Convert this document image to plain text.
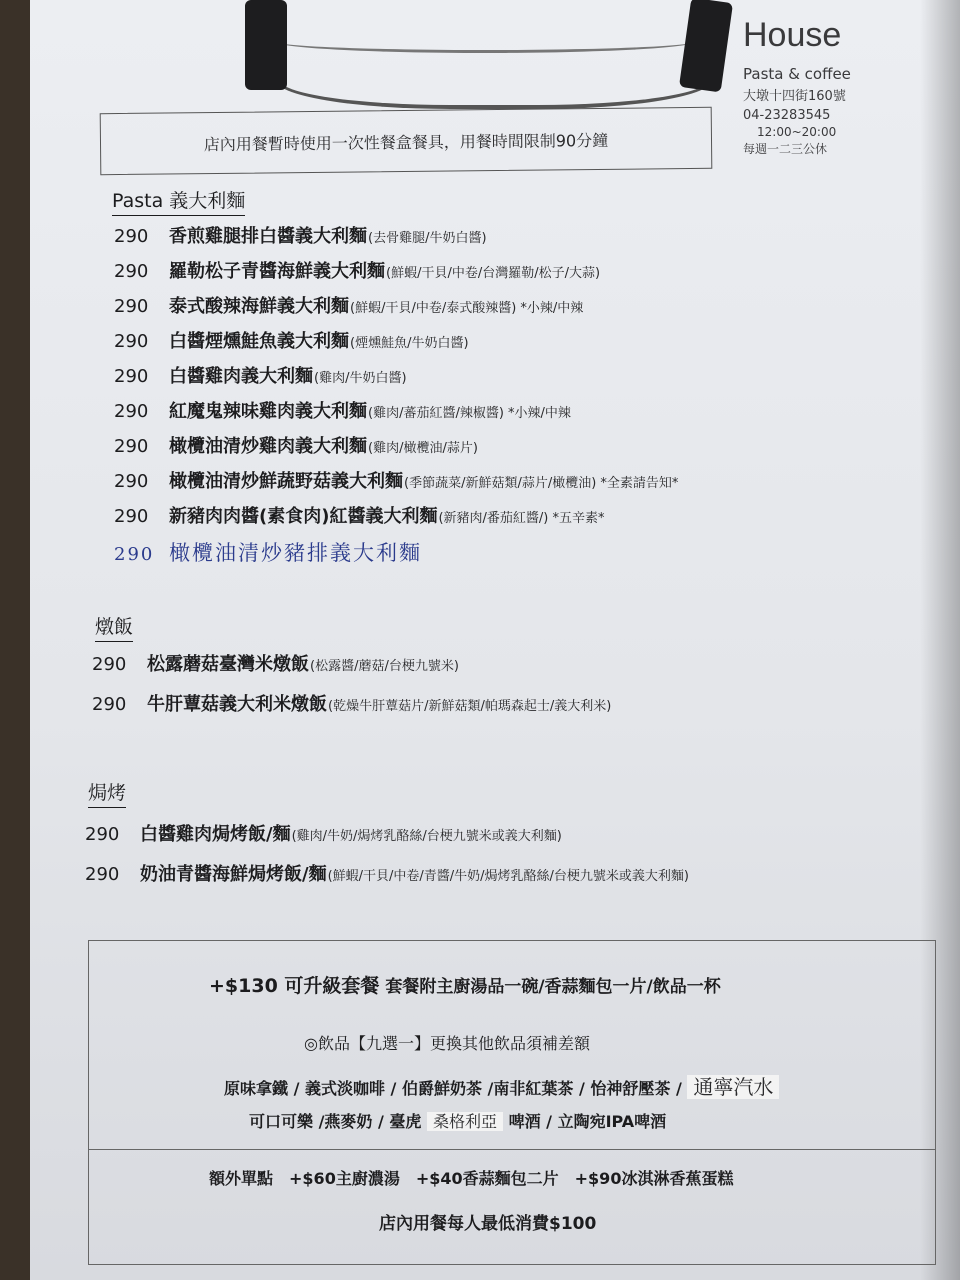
House
Pasta & coffee
大墩十四街160號
04-23283545
12:00~20:00
每週一二三公休
店內用餐暫時使用一次性餐盒餐具，用餐時間限制90分鐘
Pasta 義大利麵
290	香煎雞腿排白醬義大利麵 (去骨雞腿/牛奶白醬)
290	羅勒松子青醬海鮮義大利麵 (鮮蝦/干貝/中卷/台灣羅勒/松子/大蒜)
290	泰式酸辣海鮮義大利麵 (鮮蝦/干貝/中卷/泰式酸辣醬) *小辣/中辣
290	白醬煙燻鮭魚義大利麵 (煙燻鮭魚/牛奶白醬)
290	白醬雞肉義大利麵 (雞肉/牛奶白醬)
290	紅魔鬼辣味雞肉義大利麵 (雞肉/蕃茄紅醬/辣椒醬) *小辣/中辣
290	橄欖油清炒雞肉義大利麵 (雞肉/橄欖油/蒜片)
290	橄欖油清炒鮮蔬野菇義大利麵 (季節蔬菜/新鮮菇類/蒜片/橄欖油) *全素請告知*
290	新豬肉肉醬(素食肉)紅醬義大利麵 (新豬肉/番茄紅醬/) *五辛素*
290 橄欖油清炒豬排義大利麵
燉飯
290	松露蘑菇臺灣米燉飯 (松露醬/蘑菇/台梗九號米)
290	牛肝蕈菇義大利米燉飯 (乾燥牛肝蕈菇片/新鮮菇類/帕瑪森起士/義大利米)
焗烤
290	白醬雞肉焗烤飯/麵 (雞肉/牛奶/焗烤乳酪絲/台梗九號米或義大利麵)
290	奶油青醬海鮮焗烤飯/麵 (鮮蝦/干貝/中卷/青醬/牛奶/焗烤乳酪絲/台梗九號米或義大利麵)
+$130 可升級套餐 套餐附主廚湯品一碗/香蒜麵包一片/飲品一杯
◎飲品【九選一】更換其他飲品須補差額
原味拿鐵 / 義式淡咖啡 / 伯爵鮮奶茶 /南非紅葉茶 / 怡神舒壓茶 / 通寧汽水
可口可樂 /燕麥奶 / 臺虎 桑格利亞 啤酒 / 立陶宛IPA啤酒
額外單點 +$60主廚濃湯 +$40香蒜麵包二片 +$90冰淇淋香蕉蛋糕
店內用餐每人最低消費$100
